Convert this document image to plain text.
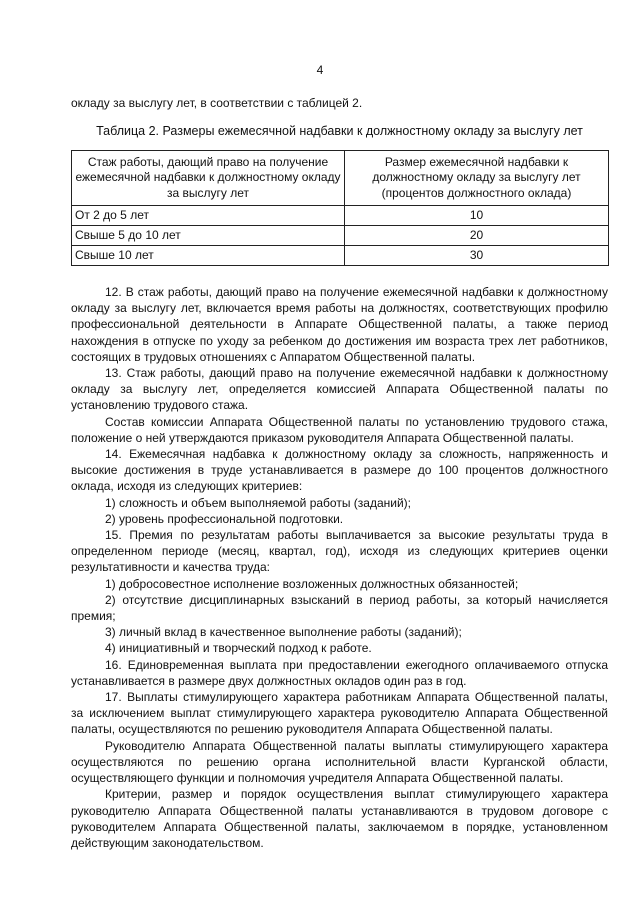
4
окладу за выслугу лет, в соответствии с таблицей 2.
Таблица 2. Размеры ежемесячной надбавки к должностному окладу за выслугу лет
Стаж работы, дающий право на получение ежемесячной надбавки к должностному окладу за выслугу лет	Размер ежемесячной надбавки к должностному окладу за выслугу лет (процентов должностного оклада)
От 2 до 5 лет	10
Свыше 5 до 10 лет	20
Свыше 10 лет	30

12. В стаж работы, дающий право на получение ежемесячной надбавки к должностному окладу за выслугу лет, включается время работы на должностях, соответствующих профилю профессиональной деятельности в Аппарате Общественной палаты, а также период нахождения в отпуске по уходу за ребенком до достижения им возраста трех лет работников, состоящих в трудовых отношениях с Аппаратом Общественной палаты.

13. Стаж работы, дающий право на получение ежемесячной надбавки к должностному окладу за выслугу лет, определяется комиссией Аппарата Общественной палаты по установлению трудового стажа.

Состав комиссии Аппарата Общественной палаты по установлению трудового стажа, положение о ней утверждаются приказом руководителя Аппарата Общественной палаты.

14. Ежемесячная надбавка к должностному окладу за сложность, напряженность и высокие достижения в труде устанавливается в размере до 100 процентов должностного оклада, исходя из следующих критериев:

1) сложность и объем выполняемой работы (заданий);

2) уровень профессиональной подготовки.

15. Премия по результатам работы выплачивается за высокие результаты труда в определенном периоде (месяц, квартал, год), исходя из следующих критериев оценки результативности и качества труда:

1) добросовестное исполнение возложенных должностных обязанностей;

2) отсутствие дисциплинарных взысканий в период работы, за который начисляется премия;

3) личный вклад в качественное выполнение работы (заданий);

4) инициативный и творческий подход к работе.

16. Единовременная выплата при предоставлении ежегодного оплачиваемого отпуска устанавливается в размере двух должностных окладов один раз в год.

17. Выплаты стимулирующего характера работникам Аппарата Общественной палаты, за исключением выплат стимулирующего характера руководителю Аппарата Общественной палаты, осуществляются по решению руководителя Аппарата Общественной палаты.

Руководителю Аппарата Общественной палаты выплаты стимулирующего характера осуществляются по решению органа исполнительной власти Курганской области, осуществляющего функции и полномочия учредителя Аппарата Общественной палаты.

Критерии, размер и порядок осуществления выплат стимулирующего характера руководителю Аппарата Общественной палаты устанавливаются в трудовом договоре с руководителем Аппарата Общественной палаты, заключаемом в порядке, установленном действующим законодательством.
